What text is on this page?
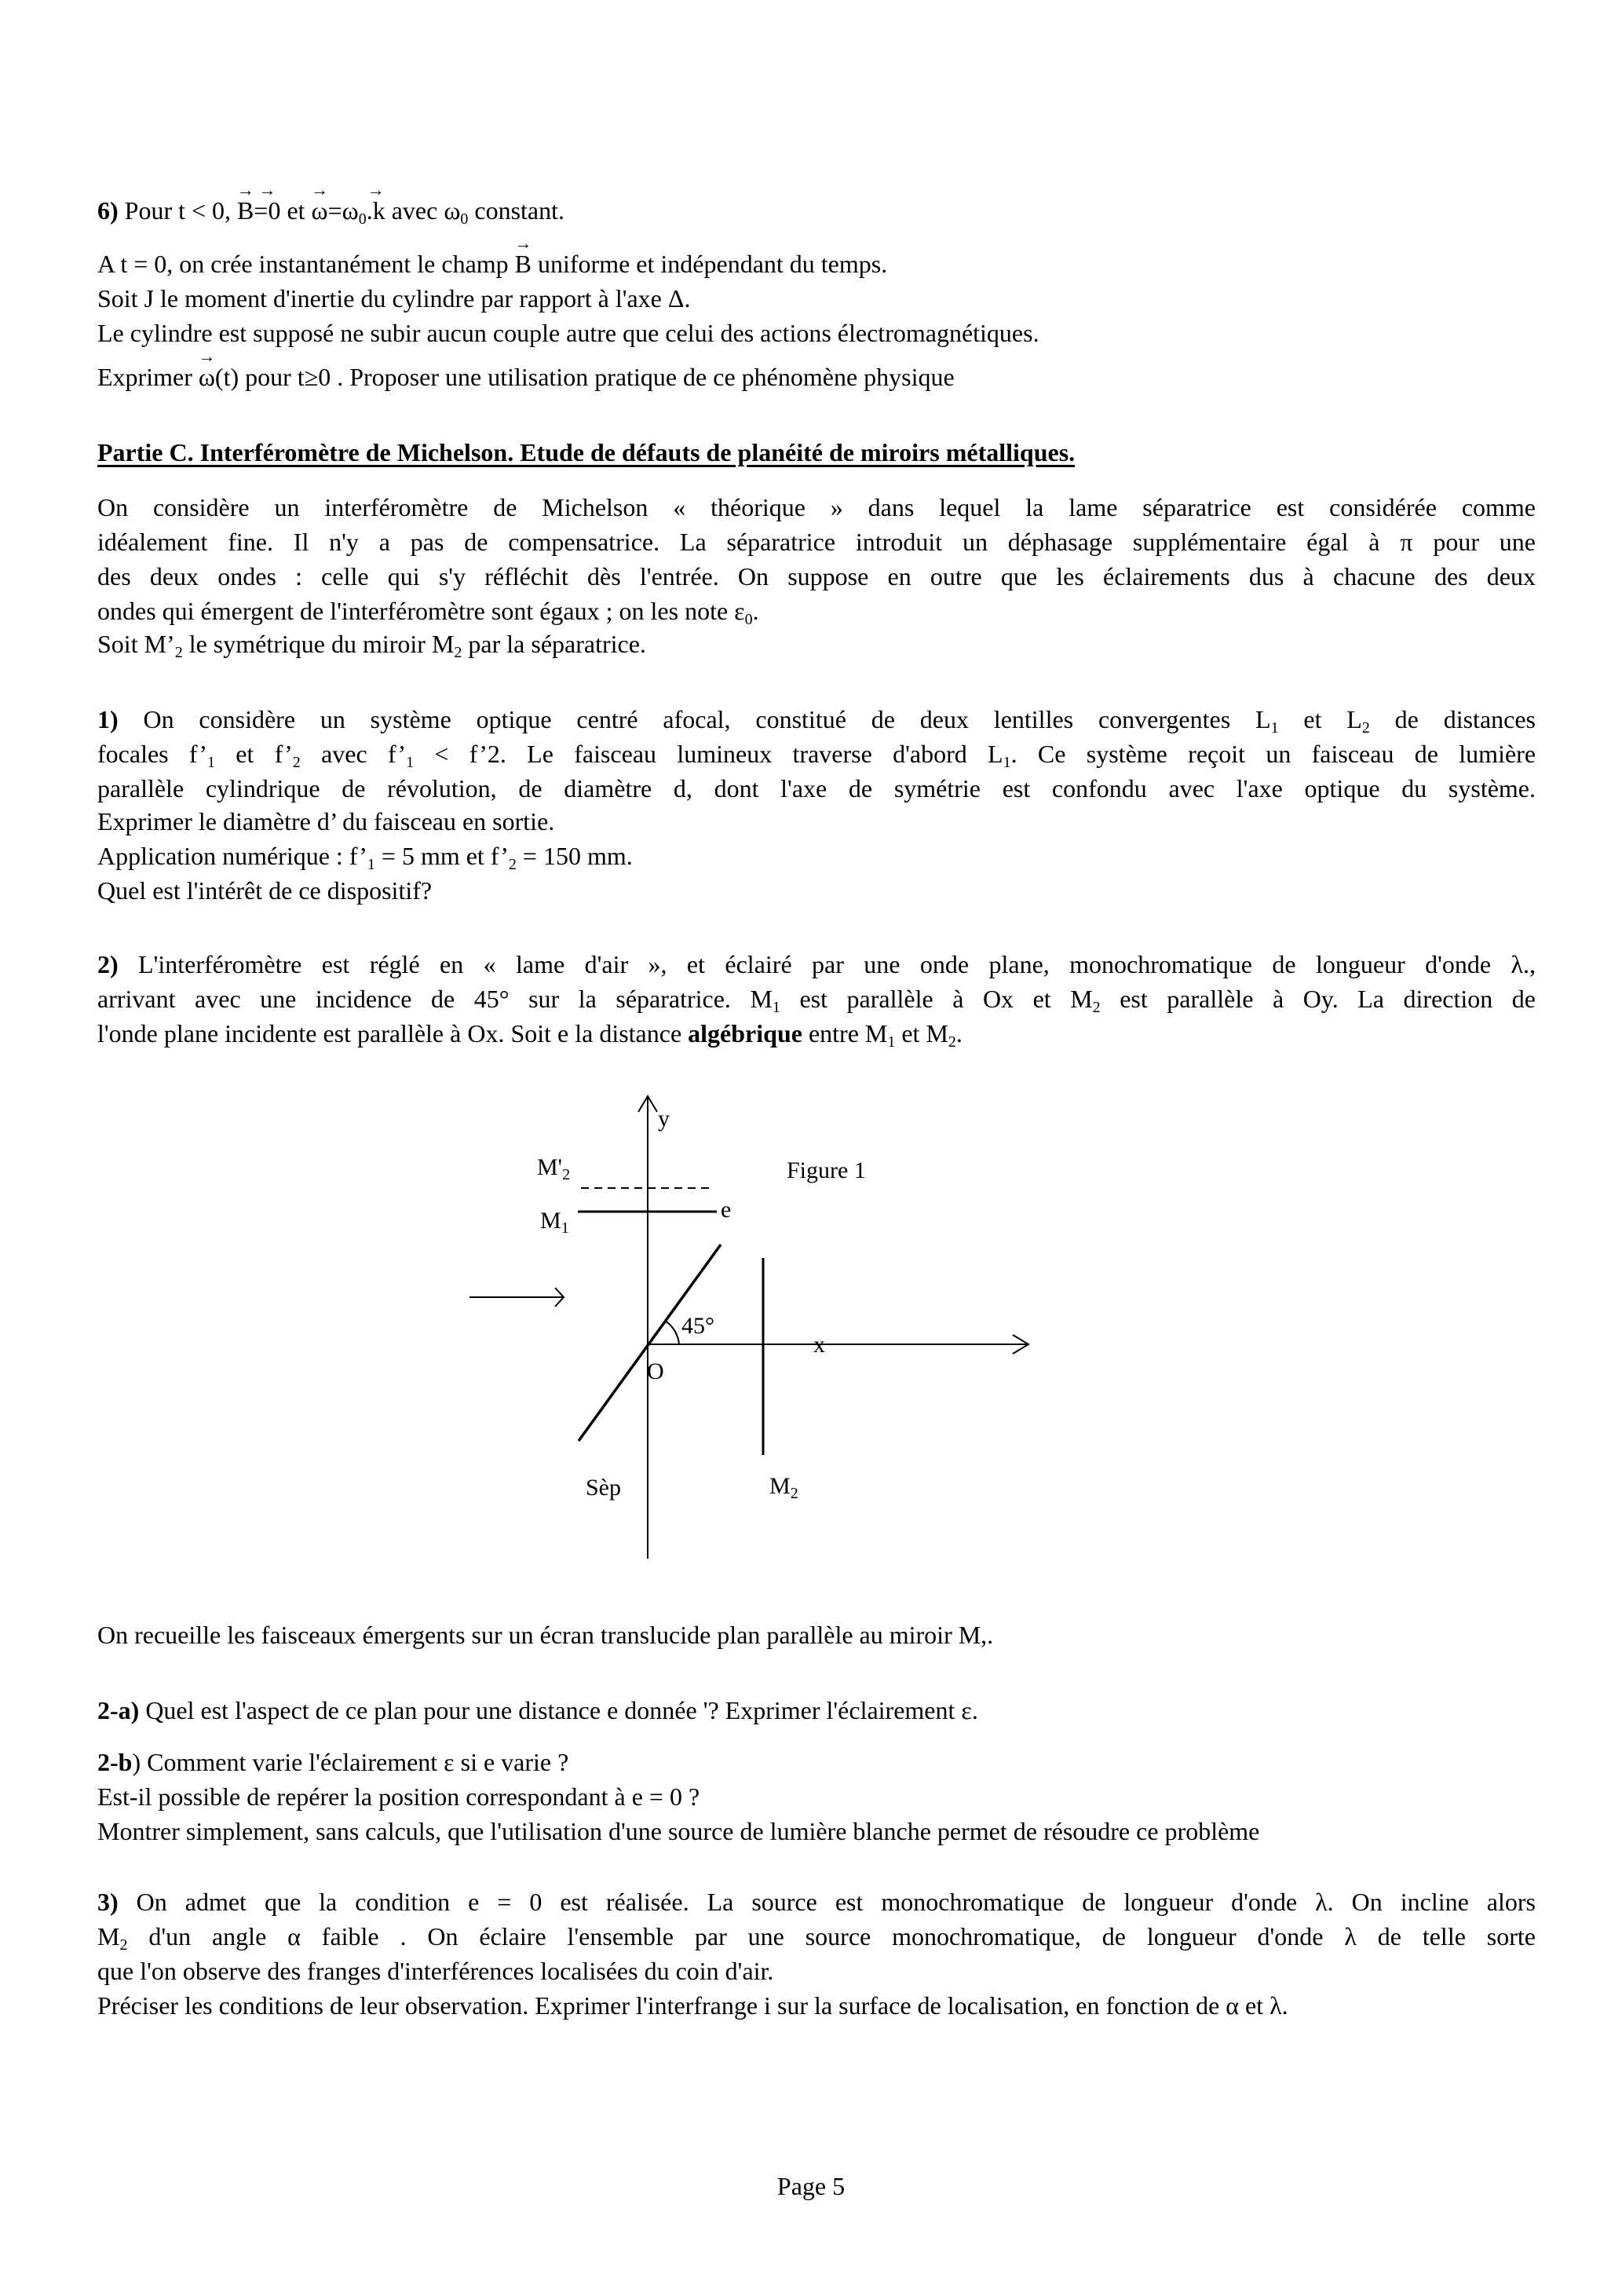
6) Pour t < 0, → B→ =0 et → $\omega=\omega_0\to .k$ avec $\omega_0$ constant.
A t = 0, on crée instantanément le champ → B uniforme et indépendant du temps.
Soit J le moment d'inertie du cylindre par rapport à l'axe Δ.
Le cylindre est supposé ne subir aucun couple autre que celui des actions électromagnétiques.
Exprimer → ω(t) pour t≥0 . Proposer une utilisation pratique de ce phénomène physique
Partie C. Interféromètre de Michelson. Etude de défauts de planéité de miroirs métalliques.
On considère un interféromètre de Michelson « théorique » dans lequel la lame séparatrice est considérée comme
idéalement fine. Il n'y a pas de compensatrice. La séparatrice introduit un déphasage supplémentaire égal à π pour une
des deux ondes : celle qui s'y réfléchit dès l'entrée. On suppose en outre que les éclairements dus à chacune des deux
ondes qui émergent de l'interféromètre sont égaux ; on les note $\varepsilon_0$.
Soit $M’_2$ le symétrique du miroir $M_2$ par la séparatrice.
1) On considère un système optique centré afocal, constitué de deux lentilles convergentes $L_1$ et $L_2$ de distances
focales $f’_1$ et $f’_2$ avec $f’_1$ < f’2. Le faisceau lumineux traverse d'abord $L_1$. Ce système reçoit un faisceau de lumière
parallèle cylindrique de révolution, de diamètre d, dont l'axe de symétrie est confondu avec l'axe optique du système.
Exprimer le diamètre d’ du faisceau en sortie.
Application numérique : $f’_1 = 5$ mm et $f’_2 = 150$ mm.
Quel est l'intérêt de ce dispositif?
2) L'interféromètre est réglé en « lame d'air », et éclairé par une onde plane, monochromatique de longueur d'onde λ.,
arrivant avec une incidence de 45° sur la séparatrice. $M_1$ est parallèle à Ox et $M_2$ est parallèle à Oy. La direction de
l'onde plane incidente est parallèle à Ox. Soit e la distance algébrique entre $M_1$ et $M_2$.
On recueille les faisceaux émergents sur un écran translucide plan parallèle au miroir M,.
2-a) Quel est l'aspect de ce plan pour une distance e donnée '? Exprimer l'éclairement ε.
2-b) Comment varie l'éclairement ε si e varie ?
Est-il possible de repérer la position correspondant à e = 0 ?
Montrer simplement, sans calculs, que l'utilisation d'une source de lumière blanche permet de résoudre ce problème
3) On admet que la condition e = 0 est réalisée. La source est monochromatique de longueur d'onde λ. On incline alors
$M_2$ d'un angle α faible . On éclaire l'ensemble par une source monochromatique, de longueur d'onde λ de telle sorte
que l'on observe des franges d'interférences localisées du coin d'air.
Préciser les conditions de leur observation. Exprimer l'interfrange i sur la surface de localisation, en fonction de α et λ.
y
x
O
$M'_2$
$M_1$
$M_2$
e
45°
Sèp
Figure 1
Page 5
